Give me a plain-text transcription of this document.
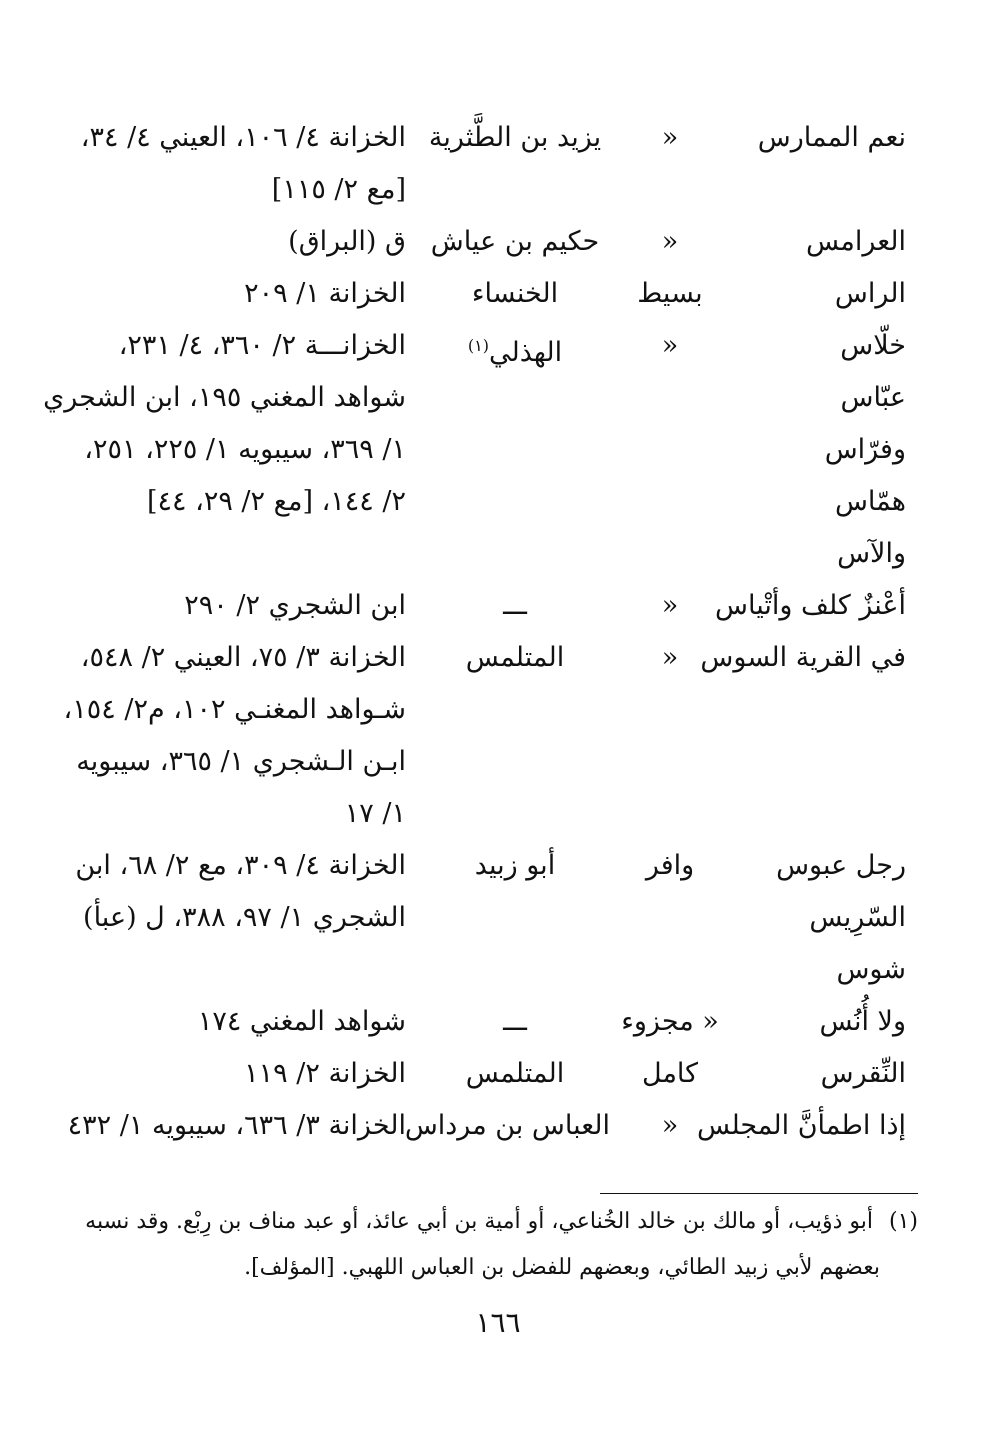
نعم الممارس
«
يزيد بن الطَّثرية
الخزانة ٤/ ١٠٦، العيني ٤/ ٣٤،
[مع ٢/ ١١٥]
العرامس
«
حكيم بن عياش
ق (البراق)
الراس
بسيط
الخنساء
الخزانة ١/ ٢٠٩
خلّاس
«
الهذلي$^{(١)}$
الخزانـــة ٢/ ٣٦٠، ٤/ ٢٣١،
عبّاس
شواهد المغني ١٩٥، ابن الشجري
وفرّاس
١/ ٣٦٩، سيبويه ١/ ٢٢٥، ٢٥١،
همّاس
٢/ ١٤٤، [مع ٢/ ٢٩، ٤٤]
والآس
أعْنزٌ كلف وأتْياس
«
ـــ
ابن الشجري ٢/ ٢٩٠
في القرية السوس
«
المتلمس
الخزانة ٣/ ٧٥، العيني ٢/ ٥٤٨،
شـواهد المغنـي ١٠٢، م٢/ ١٥٤،
ابـن الـشجري ١/ ٣٦٥، سيبويه
١/ ١٧
رجل عبوس
وافر
أبو زبيد
الخزانة ٤/ ٣٠٩، مع ٢/ ٦٨، ابن
السّرِيس
الشجري ١/ ٩٧، ٣٨٨، ل (عبأ)
شوس
ولا أُنُس
« مجزوء
ـــ
شواهد المغني ١٧٤
النِّقرس
كامل
المتلمس
الخزانة ٢/ ١١٩
إذا اطمأنَّ المجلس
«
العباس بن مرداس
الخزانة ٣/ ٦٣٦، سيبويه ١/ ٤٣٢
(١) أبو ذؤيب، أو مالك بن خالد الخُناعي، أو أمية بن أبي عائذ، أو عبد مناف بن رِبْع. وقد نسبه
بعضهم لأبي زبيد الطائي، وبعضهم للفضل بن العباس اللهبي. [المؤلف].
١٦٦
